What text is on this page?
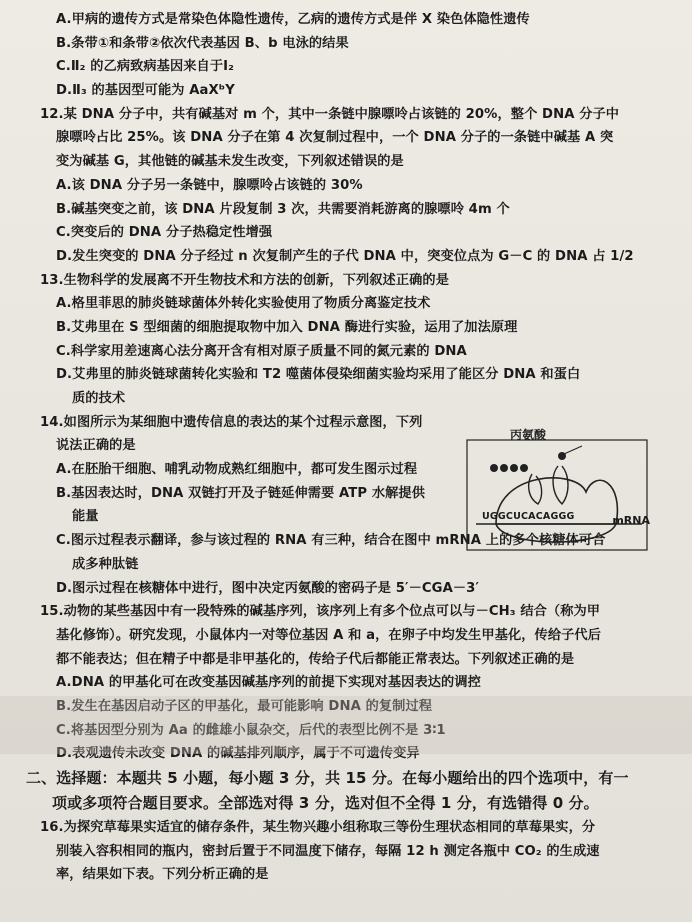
A.甲病的遗传方式是常染色体隐性遗传，乙病的遗传方式是伴 X 染色体隐性遗传
B.条带①和条带②依次代表基因 B、b 电泳的结果
C.Ⅱ₂ 的乙病致病基因来自于Ⅰ₂
D.Ⅱ₃ 的基因型可能为 AaXᵇY
12.某 DNA 分子中，共有碱基对 m 个，其中一条链中腺嘌呤占该链的 20%，整个 DNA 分子中
腺嘌呤占比 25%。该 DNA 分子在第 4 次复制过程中，一个 DNA 分子的一条链中碱基 A 突
变为碱基 G，其他链的碱基未发生改变，下列叙述错误的是
A.该 DNA 分子另一条链中，腺嘌呤占该链的 30%
B.碱基突变之前，该 DNA 片段复制 3 次，共需要消耗游离的腺嘌呤 4m 个
C.突变后的 DNA 分子热稳定性增强
D.发生突变的 DNA 分子经过 n 次复制产生的子代 DNA 中，突变位点为 G－C 的 DNA 占 1/2
13.生物科学的发展离不开生物技术和方法的创新，下列叙述正确的是
A.格里菲思的肺炎链球菌体外转化实验使用了物质分离鉴定技术
B.艾弗里在 S 型细菌的细胞提取物中加入 DNA 酶进行实验，运用了加法原理
C.科学家用差速离心法分离开含有相对原子质量不同的氮元素的 DNA
D.艾弗里的肺炎链球菌转化实验和 T2 噬菌体侵染细菌实验均采用了能区分 DNA 和蛋白
质的技术
14.如图所示为某细胞中遗传信息的表达的某个过程示意图，下列
说法正确的是
A.在胚胎干细胞、哺乳动物成熟红细胞中，都可发生图示过程
B.基因表达时，DNA 双链打开及子链延伸需要 ATP 水解提供
能量
C.图示过程表示翻译，参与该过程的 RNA 有三种，结合在图中 mRNA 上的多个核糖体可合
成多种肽链
D.图示过程在核糖体中进行，图中决定丙氨酸的密码子是 5′－CGA－3′
15.动物的某些基因中有一段特殊的碱基序列，该序列上有多个位点可以与－CH₃ 结合（称为甲
基化修饰）。研究发现，小鼠体内一对等位基因 A 和 a，在卵子中均发生甲基化，传给子代后
都不能表达；但在精子中都是非甲基化的，传给子代后都能正常表达。下列叙述正确的是
A.DNA 的甲基化可在改变基因碱基序列的前提下实现对基因表达的调控
B.发生在基因启动子区的甲基化，最可能影响 DNA 的复制过程
C.将基因型分别为 Aa 的雌雄小鼠杂交，后代的表型比例不是 3∶1
D.表观遗传未改变 DNA 的碱基排列顺序，属于不可遗传变异
二、选择题：本题共 5 小题，每小题 3 分，共 15 分。在每小题给出的四个选项中，有一
项或多项符合题目要求。全部选对得 3 分，选对但不全得 1 分，有选错得 0 分。
16.为探究草莓果实适宜的储存条件，某生物兴趣小组称取三等份生理状态相同的草莓果实，分
别装入容积相同的瓶内，密封后置于不同温度下储存，每隔 12 h 测定各瓶中 CO₂ 的生成速
率，结果如下表。下列分析正确的是
丙氨酸
UGGCUCACAGGG	mRNA
